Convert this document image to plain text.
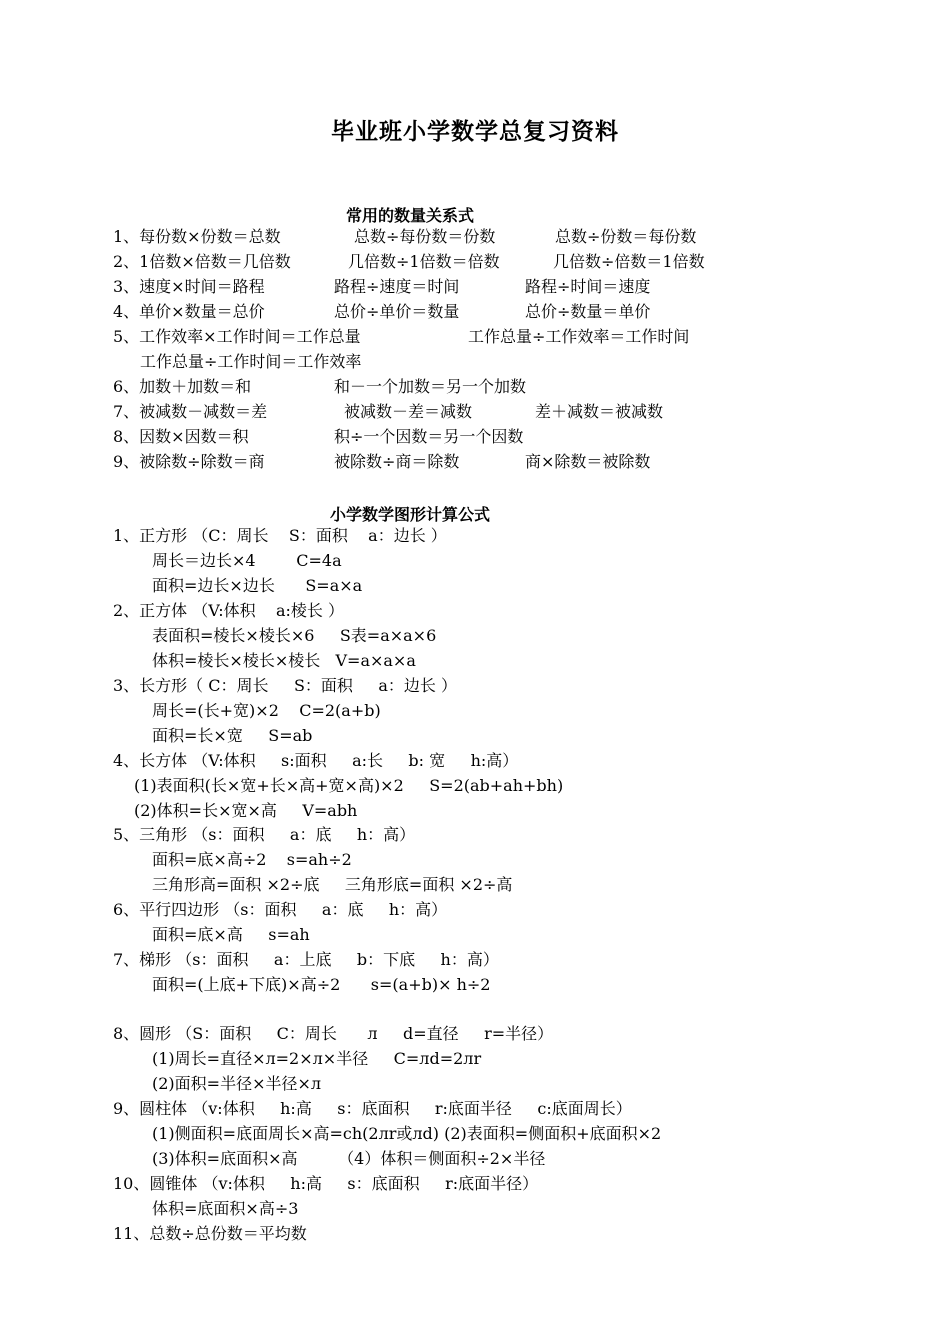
毕业班小学数学总复习资料
常用的数量关系式
1、每份数×份数＝总数	总数÷每份数＝份数	总数÷份数＝每份数
2、1倍数×倍数＝几倍数	几倍数÷1倍数＝倍数	几倍数÷倍数＝1倍数
3、速度×时间＝路程	路程÷速度＝时间	路程÷时间＝速度
4、单价×数量＝总价	总价÷单价＝数量	总价÷数量＝单价
5、工作效率×工作时间＝工作总量	工作总量÷工作效率＝工作时间
工作总量÷工作时间＝工作效率
6、加数＋加数＝和	和－一个加数＝另一个加数
7、被减数－减数＝差	被减数－差＝减数	差＋减数＝被减数
8、因数×因数＝积	积÷一个因数＝另一个因数
9、被除数÷除数＝商	被除数÷商＝除数	商×除数＝被除数
小学数学图形计算公式
1、正方形 （C：周长    S：面积    a：边长 ）
周长＝边长×4        C=4a
面积=边长×边长      S=a×a
2、正方体 （V:体积    a:棱长 ）
表面积=棱长×棱长×6     S表=a×a×6
体积=棱长×棱长×棱长   V=a×a×a
3、长方形（ C：周长     S：面积     a：边长 ）
周长=(长+宽)×2    C=2(a+b)
面积=长×宽     S=ab
4、长方体 （V:体积     s:面积     a:长     b: 宽     h:高）
(1)表面积(长×宽+长×高+宽×高)×2     S=2(ab+ah+bh)
(2)体积=长×宽×高     V=abh
5、三角形 （s：面积     a：底     h：高）
面积=底×高÷2    s=ah÷2
三角形高=面积 ×2÷底     三角形底=面积 ×2÷高
6、平行四边形 （s：面积     a：底     h：高）
面积=底×高     s=ah
7、梯形 （s：面积     a：上底     b：下底     h：高）
面积=(上底+下底)×高÷2      s=(a+b)× h÷2
8、圆形 （S：面积     C：周长      л     d=直径     r=半径）
(1)周长=直径×л=2×л×半径     C=лd=2лr
(2)面积=半径×半径×л
9、圆柱体 （v:体积     h:高     s：底面积     r:底面半径     c:底面周长）
(1)侧面积=底面周长×高=ch(2лr或лd) (2)表面积=侧面积+底面积×2
(3)体积=底面积×高        （4）体积＝侧面积÷2×半径
10、圆锥体 （v:体积     h:高     s：底面积     r:底面半径）
体积=底面积×高÷3
11、总数÷总份数＝平均数
